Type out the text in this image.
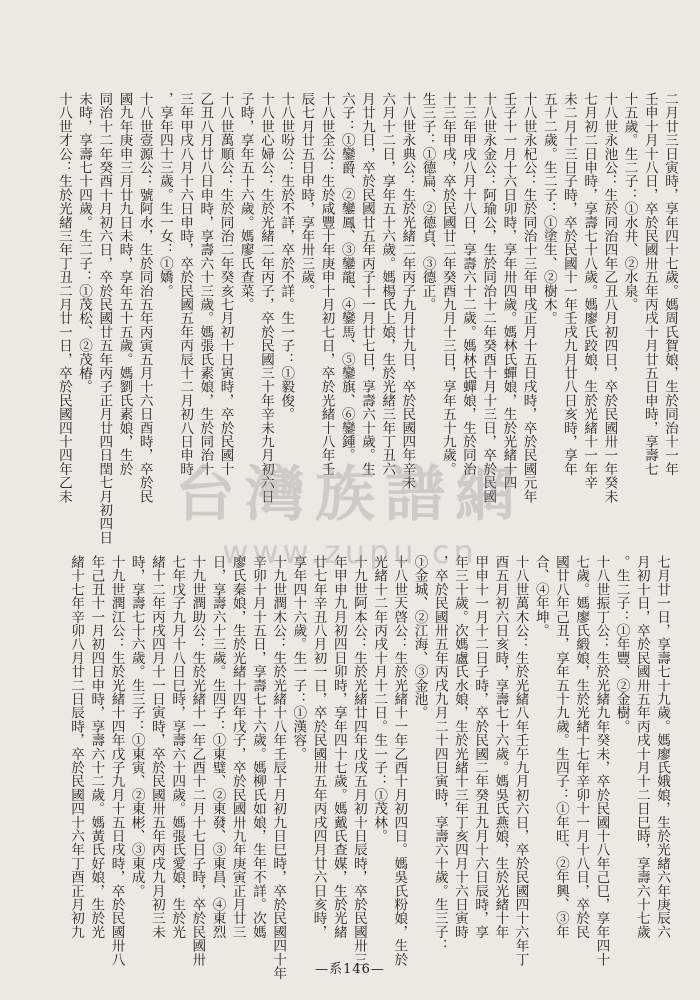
二月廿三日寅時，享年四十七歲。媽周氏賀娘，生於同治十一年

壬申十月十八日，卒於民國卅五年丙戌十月廿五日申時，享壽七

十五歲。生二子：①水井、②水泉。

十八世永池公：生於同治四年乙丑八月初四日，卒於民國卅一年癸未

七月初二日申時，享壽七十八歲。媽廖氏跤娘，生於光緒十一年辛

未二月十三日子時，卒於民國十一年壬戌九月廿八日亥時，享年

五十二歲。生二子：①塗生、②樹木。

十八世永杞公：生於同治十三年甲戌正月十五日戌時，卒於民國元年

壬子十一月十六日卯時，享年卅四歲。媽林氏蟬娘，生於光緒十四

十八世永金公：阿瑜公，生於同治十二年癸酉十月十三日，卒於民國

十三年甲戌八月十八日，享壽六十二歲。媽林氏蟬娘，生於同治

十三年甲戌，卒於民國廿二年癸酉九月十三日，享年五十九歲。

生三子：①德扁、②德貞、③德正。

十八世永典公：生於光緒二年丙子九月廿九日，卒於民國四年辛未

六月十二日，享年五十六歲。媽楊氏上娘，生於光緒三年丁丑六

月廿九日，卒於民國廿五年丙子十一月廿七日，享壽六十歲。生

六子：①鑾爵、②鑾鳳、③鑾龍、④鑾馬、⑤鑾旗、⑥鑾鍾。

十八世全公：生於咸豐十年庚申十月初七日，卒於光緒十八年壬

辰七月廿五日申時，享年卅三歲。

十八世吩公：生於不詳，卒於不詳。生一子：①毅俊。

十八世心婦公：生於光緒二年丙子，卒於民國三十年辛未九月初六日

子時，享年五十六歲。媽廖氏查菜。

十八世萬順公：生於同治二年癸亥七月初十日寅時，卒於民國十

乙丑八月廿八日申時，享壽六十三歲。媽張氏素娘，生於同治十

三年甲戌八月十六日申時，卒於民國五年丙辰十二月初八日申時

，享年四十三歲。生一女：①嬌。

十八世壹源公：號阿水，生於同治五年丙寅五月十六日酉時，卒於民

國九年庚申三月廿九日未時，享年五十五歲。媽劉氏素娘，生於

同治十二年癸酉十月初六日，卒於民國廿五年丙子正月廿四日閏七月初四日

未時，享壽七十四歲。生二子：①茂松、②茂椿。

十八世才公：生於光緒三年丁丑二月廿一日，卒於民國四十四年乙未

七月廿一日，享壽七十九歲。媽廖氏娥娘，生於光緒六年庚辰六

月初十日，卒於民國卅五年丙戌十月十二日巳時，享壽六十七歲

。生二子：①年豐、②金樹。

十八世振丁公：生於光緒九年癸未，卒於民國十八年己巳，享年四十

七歲。媽廖氏緞娘，生於光緒十七年辛卯十一月十八日，卒於民

國廿八年己丑，享年五十九歲。生四子：①年旺、②年興、③年

合、④年坤。

十八世萬木公：生於光緒八年壬午九月初六日，卒於民國四十六年丁

酉五月初六日亥時，享壽七十六歲。媽吳氏燕娘，生於光緒十年

甲申十一月十二日子時，卒於民國二年癸丑九月十六日辰時，享

年三十歲。次媽盧氏水娘，生於光緒十三年丁亥四月十六日寅時

，卒於民國卅五年丙戌九月二十四日寅時，享壽六十歲。生三子：

①金城、②江海、③金池。

十八世天啓公：生於光緒十一年乙酉十月初四日。媽吳氏粉娘，生於

光緒十二年丙戌十月十二日。生一子：①茂林。

十九世阿本公：生於光緒廿四年戊戌五月初十日辰時，卒於民國卅三

年甲申九月初四日卯時，享年四十七歲。媽戴氏查媒，生於光緒

廿七年辛丑八月初一日，卒於民國卅五年丙戌四月廿六日亥時，

享年四十六歲。生一子：①漢容。

十九世潤木公：生於光緒十八年壬辰十月初九日巳時，卒於民國四十年

辛卯十月十五日，享壽七十六歲。媽柳氏如娘，生年不詳。次媽

廖氏秦娘，生於光緒十四年戊子，卒於民國卅九年庚寅正月廿三

日，享壽六十三歲。生四子：①東璧、②東發、③東昌、④東烈

十九世潤助公：生於光緒十一年乙酉十二月十七日子時，卒於民國卅

七年戊子九月十八日巳時，享壽六十四歲。媽張氏愛娘，生於光

緒十二年丙戌四月十一日寅時，卒於民國卅五年丙戌九月初三未

時，享壽七十六歲。生三子：①東寅、②東彬、③東成。

十九世潤江公：生於光緒十四年戊子九月十五日戌時，卒於民國卅八

年己丑十一月初四日申時，享壽六十二歲。媽黃氏好娘，生於光

緒十七年辛卯八月廿二日辰時，卒於民國四十六年丁酉正月初九

台灣族譜網
www.zupu.cn
—系146—
